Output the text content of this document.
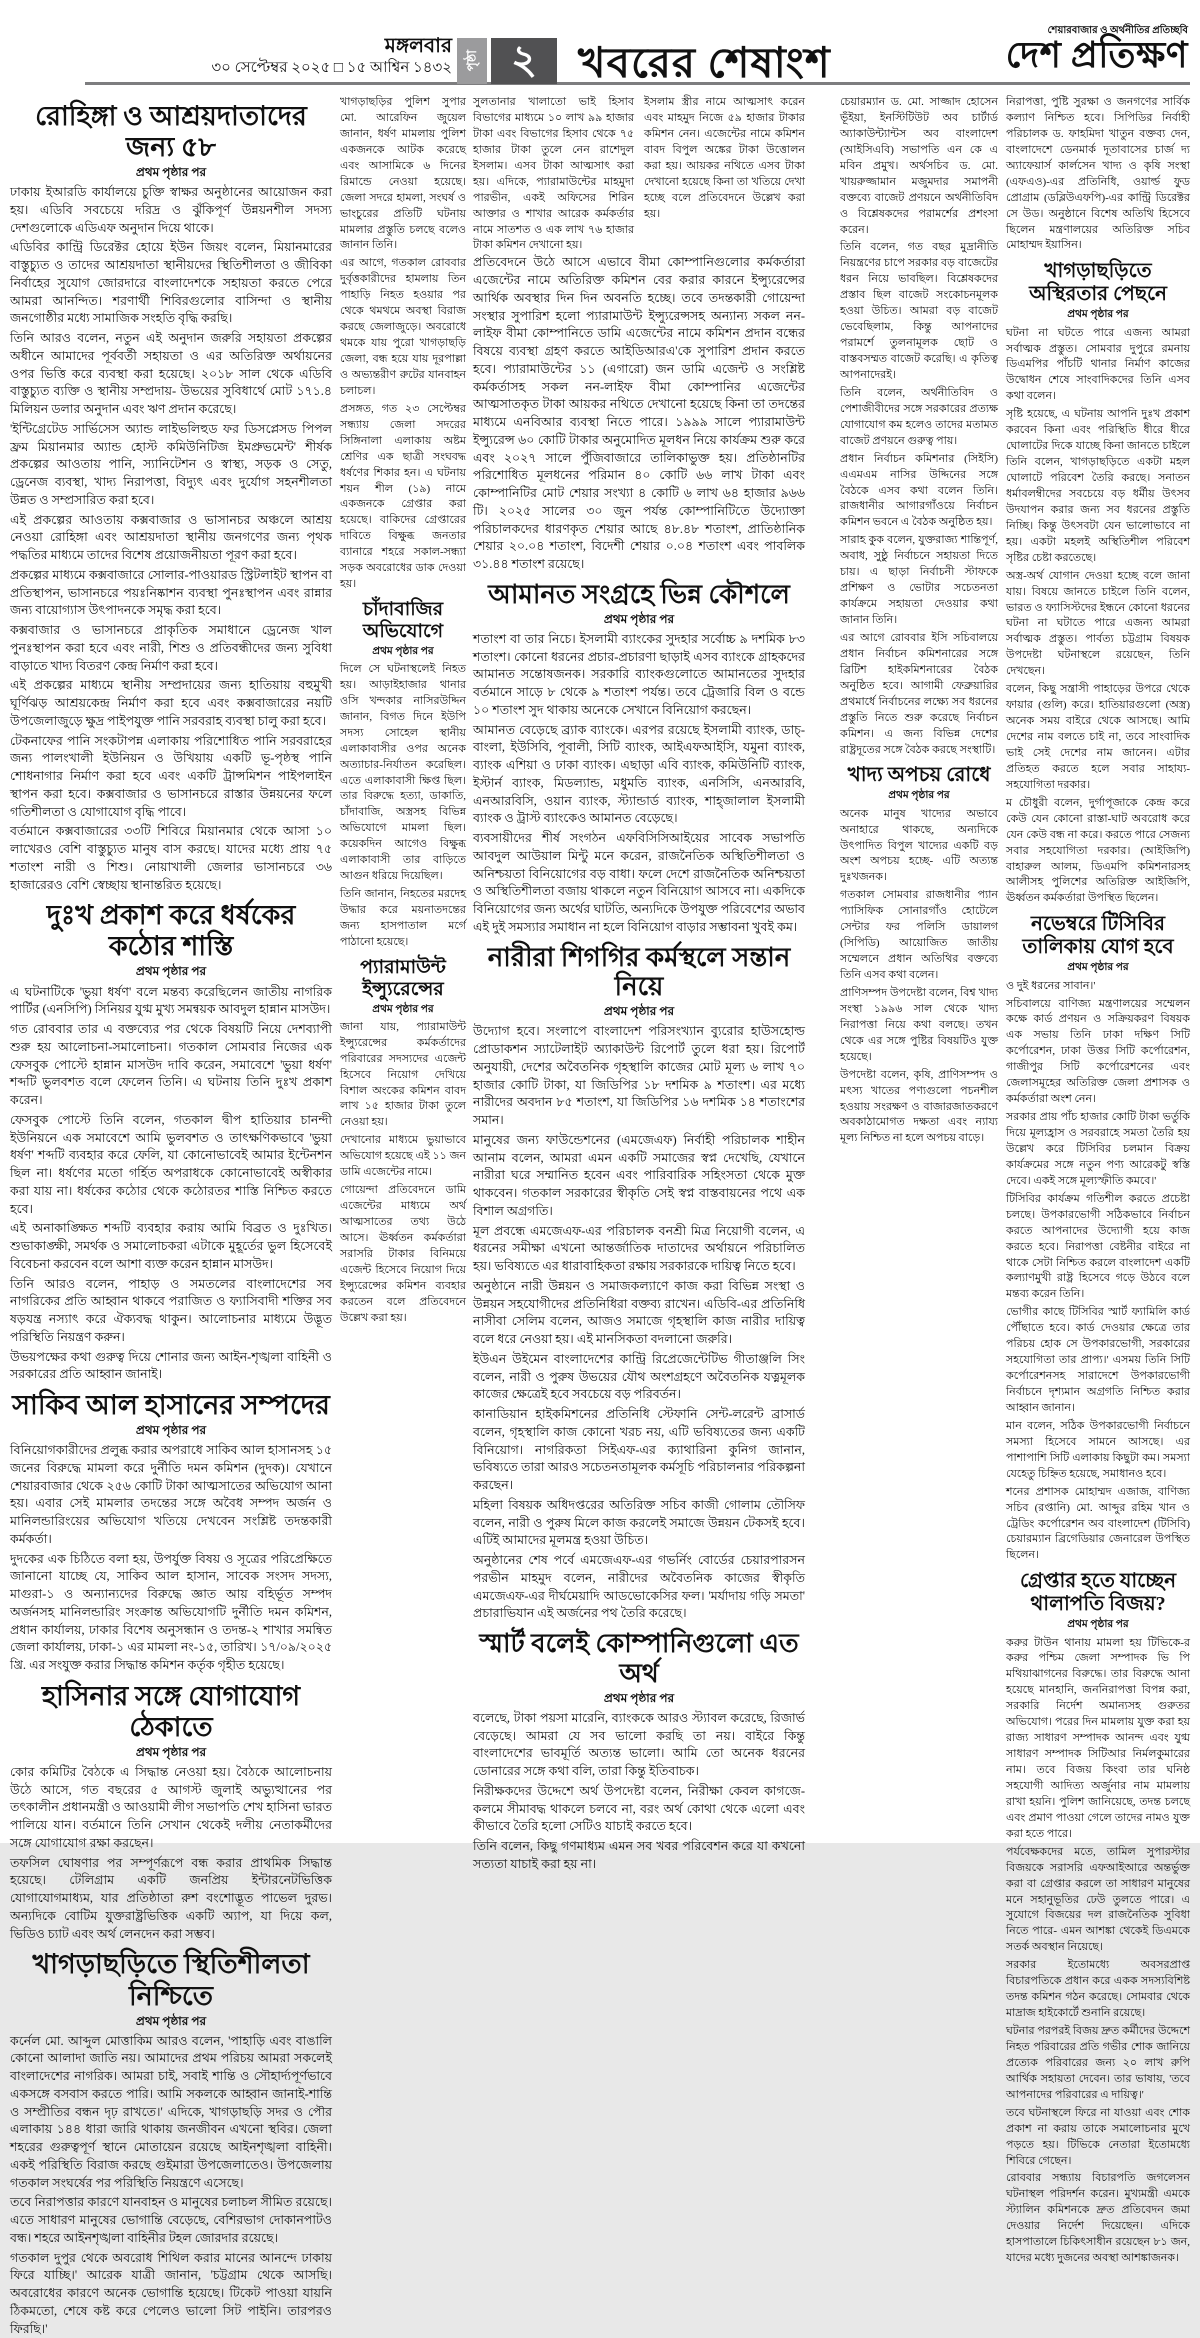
মঙ্গলবার
৩০ সেপ্টেম্বর ২০২৫ □ ১৫ আশ্বিন ১৪৩২ পৃষ্ঠা ২ খবরের শেষাংশ
শেয়ারবাজার ও অর্থনীতির প্রতিচ্ছবি
দেশ প্রতিক্ষণ
রোহিঙ্গা ও আশ্রয়দাতাদের জন্য ৫৮
প্রথম পৃষ্ঠার পর

ঢাকায় ইআরডি কার্যালয়ে চুক্তি স্বাক্ষর অনুষ্ঠানের আয়োজন করা হয়। এডিবি সবচেয়ে দরিদ্র ও ঝুঁকিপূর্ণ উন্নয়নশীল সদস্য দেশগুলোকে এডিএফ অনুদান দিয়ে থাকে।

এডিবির কান্ট্রি ডিরেক্টর হোয়ে ইউন জিয়ং বলেন, মিয়ানমারের বাস্তুচ্যুত ও তাদের আশ্রয়দাতা স্থানীয়দের স্থিতিশীলতা ও জীবিকা নির্বাহের সুযোগ জোরদারে বাংলাদেশকে সহায়তা করতে পেরে আমরা আনন্দিত। শরণার্থী শিবিরগুলোর বাসিন্দা ও স্থানীয় জনগোষ্ঠীর মধ্যে সামাজিক সংহতি বৃদ্ধি করছি।

তিনি আরও বলেন, নতুন এই অনুদান জরুরি সহায়তা প্রকল্পের অধীনে আমাদের পূর্ববর্তী সহায়তা ও এর অতিরিক্ত অর্থায়নের ওপর ভিত্তি করে ব্যবস্থা করা হয়েছে। ২০১৮ সাল থেকে এডিবি বাস্তুচ্যুত ব্যক্তি ও স্থানীয় সম্প্রদায়- উভয়ের সুবিধার্থে মোট ১৭১.৪ মিলিয়ন ডলার অনুদান এবং ঋণ প্রদান করেছে।

'ইন্টিগ্রেটেড সার্ভিসেস অ্যান্ড লাইভলিহুড ফর ডিসপ্লেসড পিপল ফ্রম মিয়ানমার অ্যান্ড হোস্ট কমিউনিটিজ ইমপ্রুভমেন্ট' শীর্ষক প্রকল্পের আওতায় পানি, স্যানিটেশন ও স্বাস্থ্য, সড়ক ও সেতু, ড্রেনেজ ব্যবস্থা, খাদ্য নিরাপত্তা, বিদ্যুৎ এবং দুর্যোগ সহনশীলতা উন্নত ও সম্প্রসারিত করা হবে।

এই প্রকল্পের আওতায় কক্সবাজার ও ভাসানচর অঞ্চলে আশ্রয় নেওয়া রোহিঙ্গা এবং আশ্রয়দাতা স্থানীয় জনগণের জন্য পৃথক পদ্ধতির মাধ্যমে তাদের বিশেষ প্রয়োজনীয়তা পূরণ করা হবে।

প্রকল্পের মাধ্যমে কক্সবাজারে সোলার-পাওয়ারড স্ট্রিটলাইট স্থাপন বা প্রতিস্থাপন, ভাসানচরে পয়ঃনিষ্কাশন ব্যবস্থা পুনঃস্থাপন এবং রান্নার জন্য বায়োগ্যাস উৎপাদনকে সমৃদ্ধ করা হবে।

কক্সবাজার ও ভাসানচরে প্রাকৃতিক সমাধানে ড্রেনেজ খাল পুনঃস্থাপন করা হবে এবং নারী, শিশু ও প্রতিবন্ধীদের জন্য সুবিধা বাড়াতে খাদ্য বিতরণ কেন্দ্র নির্মাণ করা হবে।

এই প্রকল্পের মাধ্যমে স্থানীয় সম্প্রদায়ের জন্য হাতিয়ায় বহুমুখী ঘূর্ণিঝড় আশ্রয়কেন্দ্র নির্মাণ করা হবে এবং কক্সবাজারের নয়টি উপজেলাজুড়ে ক্ষুদ্র পাইপযুক্ত পানি সরবরাহ ব্যবস্থা চালু করা হবে।

টেকনাফের পানি সংকটাপন্ন এলাকায় পরিশোধিত পানি সরবরাহের জন্য পালংখালী ইউনিয়ন ও উখিয়ায় একটি ভূ-পৃষ্ঠস্থ পানি শোধনাগার নির্মাণ করা হবে এবং একটি ট্রান্সমিশন পাইপলাইন স্থাপন করা হবে। কক্সবাজার ও ভাসানচরে রাস্তার উন্নয়নের ফলে গতিশীলতা ও যোগাযোগ বৃদ্ধি পাবে।

বর্তমানে কক্সবাজারের ৩৩টি শিবিরে মিয়ানমার থেকে আসা ১০ লাখেরও বেশি বাস্তুচ্যুত মানুষ বাস করছে। যাদের মধ্যে প্রায় ৭৫ শতাংশ নারী ও শিশু। নোয়াখালী জেলার ভাসানচরে ৩৬ হাজারেরও বেশি স্বেচ্ছায় স্থানান্তরিত হয়েছে।

দুঃখ প্রকাশ করে ধর্ষকের কঠোর শাস্তি
প্রথম পৃষ্ঠার পর

এ ঘটনাটিকে 'ভুয়া ধর্ষণ' বলে মন্তব্য করেছিলেন জাতীয় নাগরিক পার্টির (এনসিপি) সিনিয়র যুগ্ম মুখ্য সমন্বয়ক আবদুল হান্নান মাসউদ।

গত রোববার তার এ বক্তব্যের পর থেকে বিষয়টি নিয়ে দেশব্যাপী শুরু হয় আলোচনা-সমালোচনা। গতকাল সোমবার নিজের এক ফেসবুক পোস্টে হান্নান মাসউদ দাবি করেন, সমাবেশে 'ভুয়া ধর্ষণ' শব্দটি ভুলবশত বলে ফেলেন তিনি। এ ঘটনায় তিনি দুঃখ প্রকাশ করেন।

ফেসবুক পোস্টে তিনি বলেন, গতকাল দ্বীপ হাতিয়ার চানন্দী ইউনিয়নে এক সমাবেশে আমি ভুলবশত ও তাৎক্ষণিকভাবে 'ভুয়া ধর্ষণ' শব্দটি ব্যবহার করে ফেলি, যা কোনোভাবেই আমার ইন্টেনশন ছিল না। ধর্ষণের মতো গর্হিত অপরাধকে কোনোভাবেই অস্বীকার করা যায় না। ধর্ষকের কঠোর থেকে কঠোরতর শাস্তি নিশ্চিত করতে হবে।

এই অনাকাঙ্ক্ষিত শব্দটি ব্যবহার করায় আমি বিব্রত ও দুঃখিত। শুভাকাঙ্ক্ষী, সমর্থক ও সমালোচকরা এটাকে মুহূর্তের ভুল হিসেবেই বিবেচনা করবেন বলে আশা ব্যক্ত করেন হান্নান মাসউদ।

তিনি আরও বলেন, পাহাড় ও সমতলের বাংলাদেশের সব নাগরিকের প্রতি আহ্বান থাকবে পরাজিত ও ফ্যাসিবাদী শক্তির সব ষড়যন্ত্র নস্যাৎ করে ঐক্যবদ্ধ থাকুন। আলোচনার মাধ্যমে উদ্ভূত পরিস্থিতি নিয়ন্ত্রণ করুন।

উভয়পক্ষের কথা গুরুত্ব দিয়ে শোনার জন্য আইন-শৃঙ্খলা বাহিনী ও সরকারের প্রতি আহ্বান জানাই।

সাকিব আল হাসানের সম্পদের
প্রথম পৃষ্ঠার পর

বিনিয়োগকারীদের প্রলুব্ধ করার অপরাধে সাকিব আল হাসানসহ ১৫ জনের বিরুদ্ধে মামলা করে দুর্নীতি দমন কমিশন (দুদক)। যেখানে শেয়ারবাজার থেকে ২৫৬ কোটি টাকা আত্মসাতের অভিযোগ আনা হয়। এবার সেই মামলার তদন্তের সঙ্গে অবৈধ সম্পদ অর্জন ও মানিলন্ডারিংয়ের অভিযোগ খতিয়ে দেখবেন সংশ্লিষ্ট তদন্তকারী কর্মকর্তা।

দুদকের এক চিঠিতে বলা হয়, উপর্যুক্ত বিষয় ও সূত্রের পরিপ্রেক্ষিতে জানানো যাচ্ছে যে, সাকিব আল হাসান, সাবেক সংসদ সদস্য, মাগুরা-১ ও অন্যান্যদের বিরুদ্ধে জ্ঞাত আয় বহির্ভূত সম্পদ অর্জনসহ মানিলন্ডারিং সংক্রান্ত অভিযোগটি দুর্নীতি দমন কমিশন, প্রধান কার্যালয়, ঢাকার বিশেষ অনুসন্ধান ও তদন্ত-২ শাখার সমন্বিত জেলা কার্যালয়, ঢাকা-১ এর মামলা নং-১৫, তারিখ। ১৭/০৯/২০২৫ খ্রি. এর সংযুক্ত করার সিদ্ধান্ত কমিশন কর্তৃক গৃহীত হয়েছে।

হাসিনার সঙ্গে যোগাযোগ ঠেকাতে
প্রথম পৃষ্ঠার পর

কোর কমিটির বৈঠকে এ সিদ্ধান্ত নেওয়া হয়। বৈঠকে আলোচনায় উঠে আসে, গত বছরের ৫ আগস্ট জুলাই অভ্যুত্থানের পর তৎকালীন প্রধানমন্ত্রী ও আওয়ামী লীগ সভাপতি শেখ হাসিনা ভারত পালিয়ে যান। বর্তমানে তিনি সেখান থেকেই দলীয় নেতাকর্মীদের সঙ্গে যোগাযোগ রক্ষা করছেন।

তফসিল ঘোষণার পর সম্পূর্ণরূপে বন্ধ করার প্রাথমিক সিদ্ধান্ত হয়েছে। টেলিগ্রাম একটি জনপ্রিয় ইন্টারনেটভিত্তিক যোগাযোগমাধ্যম, যার প্রতিষ্ঠাতা রুশ বংশোদ্ভূত পাভেল দুরভ। অন্যদিকে বোটিম যুক্তরাষ্ট্রভিত্তিক একটি অ্যাপ, যা দিয়ে কল, ভিডিও চ্যাট এবং অর্থ লেনদেন করা সম্ভব।

খাগড়াছড়িতে স্থিতিশীলতা নিশ্চিতে
প্রথম পৃষ্ঠার পর

কর্নেল মো. আব্দুল মোত্তাকিম আরও বলেন, 'পাহাড়ি এবং বাঙালি কোনো আলাদা জাতি নয়। আমাদের প্রথম পরিচয় আমরা সকলেই বাংলাদেশের নাগরিক। আমরা চাই, সবাই শান্তি ও সৌহার্দ্যপূর্ণভাবে একসঙ্গে বসবাস করতে পারি। আমি সকলকে আহ্বান জানাই-শান্তি ও সম্প্রীতির বন্ধন দৃঢ় রাখতে।' এদিকে, খাগড়াছড়ি সদর ও পৌর এলাকায় ১৪৪ ধারা জারি থাকায় জনজীবন এখনো স্থবির। জেলা শহরের গুরুত্বপূর্ণ স্থানে মোতায়েন রয়েছে আইনশৃঙ্খলা বাহিনী। একই পরিস্থিতি বিরাজ করছে গুইমারা উপজেলাতেও। উপজেলায় গতকাল সংঘর্ষের পর পরিস্থিতি নিয়ন্ত্রণে এসেছে।

তবে নিরাপত্তার কারণে যানবাহন ও মানুষের চলাচল সীমিত রয়েছে। এতে সাধারণ মানুষের ভোগান্তি বেড়েছে, বেশিরভাগ দোকানপাটও বন্ধ। শহরে আইনশৃঙ্খলা বাহিনীর টহল জোরদার রয়েছে।

গতকাল দুপুর থেকে অবরোধ শিথিল করার মানের আনন্দে ঢাকায় ফিরে যাচ্ছি।' আরেক যাত্রী জানান, 'চট্টগ্রাম থেকে আসছি। অবরোধের কারণে অনেক ভোগান্তি হয়েছে। টিকেট পাওয়া যায়নি ঠিকমতো, শেষে কষ্ট করে পেলেও ভালো সিট পাইনি। তারপরও ফিরছি।'

খাগড়াছড়ির পুলিশ সুপার মো. আরেফিন জুয়েল জানান, ধর্ষণ মামলায় পুলিশ একজনকে আটক করেছে এবং আসামিকে ৬ দিনের রিমান্ডে নেওয়া হয়েছে। জেলা সদরে হামলা, সংঘর্ষ ও ভাংচুরের প্রতিটি ঘটনায় মামলার প্রস্তুতি চলছে বলেও জানান তিনি।

এর আগে, গতকাল রোববার দুর্বৃত্তকারীদের হামলায় তিন পাহাড়ি নিহত হওয়ার পর থেকে থমথমে অবস্থা বিরাজ করছে জেলাজুড়ে। অবরোধে থমকে যায় পুরো খাগড়াছড়ি জেলা, বন্ধ হয়ে যায় দূরপাল্লা ও অভ্যন্তরীণ রুটের যানবাহন চলাচল।

প্রসঙ্গত, গত ২৩ সেপ্টেম্বর সন্ধ্যায় জেলা সদরের সিঙ্গিনালা এলাকায় অষ্টম শ্রেণির এক ছাত্রী সংঘবদ্ধ ধর্ষণের শিকার হন। এ ঘটনায় শয়ন শীল (১৯) নামে একজনকে গ্রেপ্তার করা হয়েছে। বাকিদের গ্রেপ্তারের দাবিতে বিক্ষুব্ধ জনতার ব্যানারে শহরে সকাল-সন্ধ্যা সড়ক অবরোধের ডাক দেওয়া হয়।

চাঁদাবাজির অভিযোগে
প্রথম পৃষ্ঠার পর

দিলে সে ঘটনাস্থলেই নিহত হয়। আড়াইহাজার থানার ওসি খন্দকার নাসিরউদ্দিন জানান, বিগত দিনে ইউপি সদস্য সোহেল স্থানীয় এলাকাবাসীর ওপর অনেক অত্যাচার-নির্যাতন করেছিল। এতে এলাকাবাসী ক্ষিপ্ত ছিল। তার বিরুদ্ধে হত্যা, ডাকাতি, চাঁদাবাজি, অস্ত্রসহ বিভিন্ন অভিযোগে মামলা ছিল। কয়েকদিন আগেও বিক্ষুব্ধ এলাকাবাসী তার বাড়িতে আগুন ধরিয়ে দিয়েছিল।

তিনি জানান, নিহতের মরদেহ উদ্ধার করে ময়নাতদন্তের জন্য হাসপাতাল মর্গে পাঠানো হয়েছে।

প্যারামাউন্ট ইন্স্যুরেন্সের
প্রথম পৃষ্ঠার পর

জানা যায়, প্যারামাউন্ট ইন্স্যুরেন্সের কর্মকর্তাদের পরিবারের সদস্যদের এজেন্ট হিসেবে নিয়োগ দেখিয়ে বিশাল অংকের কমিশন বাবদ লাখ ১৫ হাজার টাকা তুলে নেওয়া হয়।

দেখানোর মাধ্যমে ভুয়াভাবে অভিযোগ হয়েছে এই ১১ জন ডামি এজেন্টের নামে।

গোয়েন্দা প্রতিবেদনে ডামি এজেন্টের মাধ্যমে অর্থ আত্মসাতের তথ্য উঠে আসে। ঊর্ধ্বতন কর্মকর্তারা সরাসরি টাকার বিনিময়ে এজেন্ট হিসেবে নিয়োগ দিয়ে ইন্স্যুরেন্সের কমিশন ব্যবহার করতেন বলে প্রতিবেদনে উল্লেখ করা হয়।

সুলতানার খালাতো ভাই হিসাব বিভাগের মাধ্যমে ১০ লাখ ৯৯ হাজার টাকা এবং বিভাগের হিসাব থেকে ৭৫ হাজার টাকা তুলে নেন রাশেদুল ইসলাম। এসব টাকা আত্মসাৎ করা হয়। এদিকে, প্যারামাউন্টের মাহমুদা পারভীন, একই অফিসের শিরিন আক্তার ও শাখার আরেক কর্মকর্তার নামে সাতশত ও এক লাখ ৭৬ হাজার টাকা কমিশন দেখানো হয়।
ইসলাম স্ত্রীর নামে আত্মসাৎ করেন এবং মাহমুদ নিজে ৫৯ হাজার টাকার কমিশন নেন। এজেন্টের নামে কমিশন বাবদ বিপুল অঙ্কের টাকা উত্তোলন করা হয়। আয়কর নথিতে এসব টাকা দেখানো হয়েছে কিনা তা খতিয়ে দেখা হচ্ছে বলে প্রতিবেদনে উল্লেখ করা হয়।

প্রতিবেদনে উঠে আসে এভাবে বীমা কোম্পানিগুলোর কর্মকর্তারা এজেন্টের নামে অতিরিক্ত কমিশন বের করার কারনে ইন্স্যুরেন্সের আর্থিক অবস্থার দিন দিন অবনতি হচ্ছে। তবে তদন্তকারী গোয়েন্দা সংস্থার সুপারিশ হলো প্যারামাউন্ট ইন্স্যুরেন্সসহ অন্যান্য সকল নন-লাইফ বীমা কোম্পানিতে ডামি এজেন্টের নামে কমিশন প্রদান বন্ধের বিষয়ে ব্যবস্থা গ্রহণ করতে আইডিআরএ'কে সুপারিশ প্রদান করতে হবে। প্যারামাউন্টের ১১ (এগারো) জন ডামি এজেন্ট ও সংশ্লিষ্ট কর্মকর্তাসহ সকল নন-লাইফ বীমা কোম্পানির এজেন্টের আত্মসাতকৃত টাকা আয়কর নথিতে দেখানো হয়েছে কিনা তা তদন্তের মাধ্যমে এনবিআর ব্যবস্থা নিতে পারে। ১৯৯৯ সালে প্যারামাউন্ট ইন্স্যুরেন্স ৬০ কোটি টাকার অনুমোদিত মূলধন নিয়ে কার্যক্রম শুরু করে এবং ২০২৭ সালে পুঁজিবাজারে তালিকাভুক্ত হয়। প্রতিষ্ঠানটির পরিশোধিত মূলধনের পরিমান ৪০ কোটি ৬৬ লাখ টাকা এবং কোম্পানিটির মোট শেয়ার সংখ্যা ৪ কোটি ৬ লাখ ৬৪ হাজার ৯৬৬ টি। ২০২৫ সালের ৩০ জুন পর্যন্ত কোম্পানিটিতে উদ্যোক্তা পরিচালকদের ধারণকৃত শেয়ার আছে ৪৮.৪৮ শতাংশ, প্রাতিষ্ঠানিক শেয়ার ২০.০৪ শতাংশ, বিদেশী শেয়ার ০.০৪ শতাংশ এবং পাবলিক ৩১.৪৪ শতাংশ রয়েছে।

আমানত সংগ্রহে ভিন্ন কৌশলে
প্রথম পৃষ্ঠার পর

শতাংশ বা তার নিচে। ইসলামী ব্যাংকের সুদহার সর্বোচ্চ ৯ দশমিক ৮৩ শতাংশ। কোনো ধরনের প্রচার-প্রচারণা ছাড়াই এসব ব্যাংকে গ্রাহকদের আমানত সন্তোষজনক। সরকারি ব্যাংকগুলোতে আমানতের সুদহার বর্তমানে সাড়ে ৮ থেকে ৯ শতাংশ পর্যন্ত। তবে ট্রেজারি বিল ও বন্ডে ১০ শতাংশ সুদ থাকায় অনেকে সেখানে বিনিয়োগ করছেন।

আমানত বেড়েছে ব্র্যাক ব্যাংকে। এরপর রয়েছে ইসলামী ব্যাংক, ডাচ্-বাংলা, ইউসিবি, পূবালী, সিটি ব্যাংক, আইএফআইসি, যমুনা ব্যাংক, ব্যাংক এশিয়া ও ঢাকা ব্যাংক। এছাড়া এবি ব্যাংক, কমিউনিটি ব্যাংক, ইস্টার্ন ব্যাংক, মিডল্যান্ড, মধুমতি ব্যাংক, এনসিসি, এনআরবি, এনআরবিসি, ওয়ান ব্যাংক, স্ট্যান্ডার্ড ব্যাংক, শাহ্‌জালাল ইসলামী ব্যাংক ও ট্রাস্ট ব্যাংকেও আমানত বেড়েছে।

ব্যবসায়ীদের শীর্ষ সংগঠন এফবিসিসিআইয়ের সাবেক সভাপতি আবদুল আউয়াল মিন্টু মনে করেন, রাজনৈতিক অস্থিতিশীলতা ও অনিশ্চয়তা বিনিয়োগের বড় বাধা। ফলে দেশে রাজনৈতিক অনিশ্চয়তা ও অস্থিতিশীলতা বজায় থাকলে নতুন বিনিয়োগ আসবে না। একদিকে বিনিয়োগের জন্য অর্থের ঘাটতি, অন্যদিকে উপযুক্ত পরিবেশের অভাব এই দুই সমস্যার সমাধান না হলে বিনিয়োগ বাড়ার সম্ভাবনা খুবই কম।

নারীরা শিগগির কর্মস্থলে সন্তান নিয়ে
প্রথম পৃষ্ঠার পর

উদ্যোগ হবে। সংলাপে বাংলাদেশ পরিসংখ্যান ব্যুরোর হাউসহোল্ড প্রোডাকশন স্যাটেলাইট অ্যাকাউন্ট রিপোর্ট তুলে ধরা হয়। রিপোর্ট অনুযায়ী, দেশের অবৈতনিক গৃহস্থালি কাজের মোট মূল্য ৬ লাখ ৭০ হাজার কোটি টাকা, যা জিডিপির ১৮ দশমিক ৯ শতাংশ। এর মধ্যে নারীদের অবদান ৮৫ শতাংশ, যা জিডিপির ১৬ দশমিক ১৪ শতাংশের সমান।

মানুষের জন্য ফাউন্ডেশনের (এমজেএফ) নির্বাহী পরিচালক শাহীন আনাম বলেন, আমরা এমন একটি সমাজের স্বপ্ন দেখেছি, যেখানে নারীরা ঘরে সম্মানিত হবেন এবং পারিবারিক সহিংসতা থেকে মুক্ত থাকবেন। গতকাল সরকারের স্বীকৃতি সেই স্বপ্ন বাস্তবায়নের পথে এক বিশাল অগ্রগতি।

মূল প্রবন্ধে এমজেএফ-এর পরিচালক বনশ্রী মিত্র নিয়োগী বলেন, এ ধরনের সমীক্ষা এখনো আন্তর্জাতিক দাতাদের অর্থায়নে পরিচালিত হয়। ভবিষ্যতে এর ধারাবাহিকতা রক্ষায় সরকারকে দায়িত্ব নিতে হবে।

অনুষ্ঠানে নারী উন্নয়ন ও সমাজকল্যাণে কাজ করা বিভিন্ন সংস্থা ও উন্নয়ন সহযোগীদের প্রতিনিধিরা বক্তব্য রাখেন। এডিবি-এর প্রতিনিধি নাসীবা সেলিম বলেন, আজও সমাজে গৃহস্থালি কাজ নারীর দায়িত্ব বলে ধরে নেওয়া হয়। এই মানসিকতা বদলানো জরুরি।

ইউএন উইমেন বাংলাদেশের কান্ট্রি রিপ্রেজেন্টেটিভ গীতাঞ্জলি সিং বলেন, নারী ও পুরুষ উভয়ের যৌথ অংশগ্রহণে অবৈতনিক যত্নমূলক কাজের ক্ষেত্রেই হবে সবচেয়ে বড় পরিবর্তন।

কানাডিয়ান হাইকমিশনের প্রতিনিধি স্টেফানি সেন্ট-লরেন্ট ব্রাসার্ড বলেন, গৃহস্থালি কাজ কোনো খরচ নয়, এটি ভবিষ্যতের জন্য একটি বিনিয়োগ। নাগরিকতা সিইএফ-এর ক্যাথারিনা কুনিগ জানান, ভবিষ্যতে তারা আরও সচেতনতামূলক কর্মসূচি পরিচালনার পরিকল্পনা করছেন।

মহিলা বিষয়ক অধিদপ্তরের অতিরিক্ত সচিব কাজী গোলাম তৌসিফ বলেন, নারী ও পুরুষ মিলে কাজ করলেই সমাজে উন্নয়ন টেকসই হবে। এটিই আমাদের মূলমন্ত্র হওয়া উচিত।

অনুষ্ঠানের শেষ পর্বে এমজেএফ-এর গভর্নিং বোর্ডের চেয়ারপারসন পরভীন মাহমুদ বলেন, নারীদের অবৈতনিক কাজের স্বীকৃতি এমজেএফ-এর দীর্ঘমেয়াদি আডভোকেসির ফল। 'মর্যাদায় গড়ি সমতা' প্রচারাভিযান এই অর্জনের পথ তৈরি করেছে।

স্মার্ট বলেই কোম্পানিগুলো এত অর্থ
প্রথম পৃষ্ঠার পর

বলেছে, টাকা পয়সা মারেনি, ব্যাংককে আরও স্ট্যাবল করেছে, রিজার্ভ বেড়েছে। আমরা যে সব ভালো করছি তা নয়। বাইরে কিন্তু বাংলাদেশের ভাবমূর্তি অত্যন্ত ভালো। আমি তো অনেক ধরনের ডোনারের সঙ্গে কথা বলি, তারা কিন্তু ইতিবাচক।

নিরীক্ষকদের উদ্দেশে অর্থ উপদেষ্টা বলেন, নিরীক্ষা কেবল কাগজে-কলমে সীমাবদ্ধ থাকলে চলবে না, বরং অর্থ কোথা থেকে এলো এবং কীভাবে তৈরি হলো সেটিও যাচাই করতে হবে।

তিনি বলেন, কিছু গণমাধ্যম এমন সব খবর পরিবেশন করে যা কখনো সত্যতা যাচাই করা হয় না।

চেয়ারম্যান ড. মো. সাজ্জাদ হোসেন ভূঁইয়া, ইনস্টিটিউট অব চার্টার্ড অ্যাকাউন্ট্যান্টস অব বাংলাদেশ (আইসিএবি) সভাপতি এন কে এ মবিন প্রমুখ। অর্থসচিব ড. মো. খায়রুজ্জামান মজুমদার সমাপনী বক্তব্যে বাজেট প্রণয়নে অর্থনীতিবিদ ও বিশ্লেষকদের পরামর্শের প্রশংসা করেন।

তিনি বলেন, গত বছর মুদ্রানীতি নিয়ন্ত্রণের চাপে সরকার বড় বাজেটের ধরন নিয়ে ভাবছিল। বিশ্লেষকদের প্রস্তাব ছিল বাজেট সংকোচনমূলক হওয়া উচিত। আমরা বড় বাজেট ভেবেছিলাম, কিন্তু আপনাদের পরামর্শে তুলনামূলক ছোট ও বাস্তবসম্মত বাজেট করেছি। এ কৃতিত্ব আপনাদেরই।

তিনি বলেন, অর্থনীতিবিদ ও পেশাজীবীদের সঙ্গে সরকারের প্রত্যক্ষ যোগাযোগ কম হলেও তাদের মতামত বাজেট প্রণয়নে গুরুত্ব পায়।

প্রধান নির্বাচন কমিশনার (সিইসি) এএমএম নাসির উদ্দিনের সঙ্গে বৈঠকে এসব কথা বলেন তিনি। রাজধানীর আগারগাঁওয়ে নির্বাচন কমিশন ভবনে এ বৈঠক অনুষ্ঠিত হয়।

সারাহ কুক বলেন, যুক্তরাজ্য শান্তিপূর্ণ, অবাধ, সুষ্ঠু নির্বাচনে সহায়তা দিতে চায়। এ ছাড়া নির্বাচনী স্টাফকে প্রশিক্ষণ ও ভোটার সচেতনতা কার্যক্রমে সহায়তা দেওয়ার কথা জানান তিনি।

এর আগে রোববার ইসি সচিবালয়ে প্রধান নির্বাচন কমিশনারের সঙ্গে ব্রিটিশ হাইকমিশনারের বৈঠক অনুষ্ঠিত হবে। আগামী ফেব্রুয়ারির প্রথমার্ধে নির্বাচনের লক্ষ্যে সব ধরনের প্রস্তুতি নিতে শুরু করেছে নির্বাচন কমিশন। এ জন্য বিভিন্ন দেশের রাষ্ট্রদূতের সঙ্গে বৈঠক করছে সংস্থাটি।

খাদ্য অপচয় রোধে
প্রথম পৃষ্ঠার পর

অনেক মানুষ খাদ্যের অভাবে অনাহারে থাকছে, অন্যদিকে উৎপাদিত বিপুল খাদ্যের একটি বড় অংশ অপচয় হচ্ছে- এটি অত্যন্ত দুঃখজনক।

গতকাল সোমবার রাজধানীর প্যান প্যাসিফিক সোনারগাঁও হোটেলে সেন্টার ফর পলিসি ডায়ালগ (সিপিডি) আয়োজিত জাতীয় সম্মেলনে প্রধান অতিথির বক্তব্যে তিনি এসব কথা বলেন।

প্রাণিসম্পদ উপদেষ্টা বলেন, বিশ্ব খাদ্য সংস্থা ১৯৯৬ সাল থেকে খাদ্য নিরাপত্তা নিয়ে কথা বলছে। তখন থেকে এর সঙ্গে পুষ্টির বিষয়টিও যুক্ত হয়েছে।

উপদেষ্টা বলেন, কৃষি, প্রাণিসম্পদ ও মৎস্য খাতের পণ্যগুলো পচনশীল হওয়ায় সংরক্ষণ ও বাজারজাতকরণে অবকাঠামোগত দক্ষতা এবং ন্যায্য মূল্য নিশ্চিত না হলে অপচয় বাড়ে।

নিরাপত্তা, পুষ্টি সুরক্ষা ও জনগণের সার্বিক কল্যাণ নিশ্চিত হবে। সিপিডির নির্বাহী পরিচালক ড. ফাহমিদা খাতুন বক্তব্য দেন, বাংলাদেশে ডেনমার্ক দূতাবাসের চার্জ দ্য অ্যাফেয়ার্স কার্লসেন খাদ্য ও কৃষি সংস্থা (এফএও)-এর প্রতিনিধি, ওয়ার্ল্ড ফুড প্রোগ্রাম (ডব্লিউএফপি)-এর কান্ট্রি ডিরেক্টর সে উড। অনুষ্ঠানে বিশেষ অতিথি হিসেবে ছিলেন মন্ত্রণালয়ের অতিরিক্ত সচিব মোহাম্মদ ইয়াসিন।

খাগড়াছড়িতে অস্থিরতার পেছনে
প্রথম পৃষ্ঠার পর

ঘটনা না ঘটতে পারে এজন্য আমরা সর্বাত্মক প্রস্তুত। সোমবার দুপুরে রমনায় ডিএমপির পাঁচটি থানার নির্মাণ কাজের উদ্বোধন শেষে সাংবাদিকদের তিনি এসব কথা বলেন।

সৃষ্টি হয়েছে, এ ঘটনায় আপনি দুঃখ প্রকাশ করবেন কিনা এবং পরিস্থিতি ধীরে ধীরে ঘোলাটের দিকে যাচ্ছে কিনা জানতে চাইলে তিনি বলেন, খাগড়াছড়িতে একটা মহল ঘোলাটে পরিবেশ তৈরি করছে। সনাতন ধর্মাবলম্বীদের সবচেয়ে বড় ধর্মীয় উৎসব উদযাপন করার জন্য সব ধরনের প্রস্তুতি নিচ্ছি। কিন্তু উৎসবটা যেন ভালোভাবে না হয়। একটা মহলই অস্থিতিশীল পরিবেশ সৃষ্টির চেষ্টা করতেছে।

অস্ত্র-অর্থ যোগান দেওয়া হচ্ছে বলে জানা যায়। বিষয়ে জানতে চাইলে তিনি বলেন, ভারত ও ফ্যাসিস্টদের ইন্ধনে কোনো ধরনের ঘটনা না ঘটাতে পারে এজন্য আমরা সর্বাত্মক প্রস্তুত। পার্বত্য চট্টগ্রাম বিষয়ক উপদেষ্টা ঘটনাস্থলে রয়েছেন, তিনি দেখছেন।

বলেন, কিছু সন্ত্রাসী পাহাড়ের উপরে থেকে ফায়ার (গুলি) করে। হাতিয়ারগুলো (অস্ত্র) অনেক সময় বাইরে থেকে আসছে। আমি দেশের নাম বলতে চাই না, তবে সাংবাদিক ভাই সেই দেশের নাম জানেন। এটার প্রতিহত করতে হলে সবার সাহায্য-সহযোগিতা দরকার।

ম চৌধুরী বলেন, দুর্গাপূজাকে কেন্দ্র করে কেউ যেন কোনো রাস্তা-ঘাট অবরোধ করে যেন কেউ বন্ধ না করে। করতে পারে সেজন্য সবার সহযোগিতা দরকার। (আইজিপি) বাহারুল আলম, ডিএমপি কমিশনারসহ আলীসহ পুলিশের অতিরিক্ত আইজিপি, ঊর্ধ্বতন কর্মকর্তারা উপস্থিত ছিলেন।

নভেম্বরে টিসিবির তালিকায় যোগ হবে
প্রথম পৃষ্ঠার পর

ও দুই ধরনের সাবান।'

সচিবালয়ে বাণিজ্য মন্ত্রণালয়ের সম্মেলন কক্ষে কার্ড প্রণয়ন ও সক্রিয়করণ বিষয়ক এক সভায় তিনি ঢাকা দক্ষিণ সিটি কর্পোরেশন, ঢাকা উত্তর সিটি কর্পোরেশন, গাজীপুর সিটি কর্পোরেশনের এবং জেলাসমূহের অতিরিক্ত জেলা প্রশাসক ও কর্মকর্তারা অংশ নেন।

সরকার প্রায় পাঁচ হাজার কোটি টাকা ভর্তুকি দিয়ে মূল্যহ্রাস ও সরবরাহে সমতা তৈরি হয় উল্লেখ করে টিসিবির চলমান বিক্রয় কার্যক্রমের সঙ্গে নতুন পণ্য আরেকটু স্বস্তি দেবে। একই সঙ্গে মূল্যস্ফীতি কমবে।'

টিসিবির কার্যক্রম গতিশীল করতে প্রচেষ্টা চলছে। উপকারভোগী সঠিকভাবে নির্বাচন করতে আপনাদের উদ্যোগী হয়ে কাজ করতে হবে। নিরাপত্তা বেষ্টনীর বাইরে না থাকে সেটা নিশ্চিত করলে বাংলাদেশ একটি কল্যাণমুখী রাষ্ট্র হিসেবে গড়ে উঠবে বলে মন্তব্য করেন তিনি।

ভোগীর কাছে টিসিবির স্মার্ট ফ্যামিলি কার্ড পৌঁছাতে হবে। কার্ড দেওয়ার ক্ষেত্রে তার পরিচয় হোক সে উপকারভোগী, সরকারের সহযোগিতা তার প্রাপ্য।' এসময় তিনি সিটি কর্পোরেশনসহ সারাদেশে উপকারভোগী নির্বাচনে দৃশ্যমান অগ্রগতি নিশ্চিত করার আহ্বান জানান।

মান বলেন, সঠিক উপকারভোগী নির্বাচনে সমস্যা হিসেবে সামনে আসছে। এর পাশাপাশি সিটি এলাকায় কিছুটা কম। সমস্যা যেহেতু চিহ্নিত হয়েছে, সমাধানও হবে।

শনের প্রশাসক মোহাম্মদ এজাজ, বাণিজ্য সচিব (রপ্তানি) মো. আব্দুর রহিম খান ও ট্রেডিং কর্পোরেশন অব বাংলাদেশ (টিসিবি) চেয়ারম্যান ব্রিগেডিয়ার জেনারেল উপস্থিত ছিলেন।

গ্রেপ্তার হতে যাচ্ছেন থালাপতি বিজয়?
প্রথম পৃষ্ঠার পর

করুর টাউন থানায় মামলা হয় টিভিকে-র করুর পশ্চিম জেলা সম্পাদক ভি পি মথিয়াঝাগনের বিরুদ্ধে। তার বিরুদ্ধে আনা হয়েছে মানহানি, জননিরাপত্তা বিপন্ন করা, সরকারি নির্দেশ অমান্যসহ গুরুতর অভিযোগ। পরের দিন মামলায় যুক্ত করা হয় রাজ্য সাধারণ সম্পাদক আনন্দ এবং যুগ্ম সাধারণ সম্পাদক সিটিআর নির্মলকুমারের নাম। তবে বিজয় কিংবা তার ঘনিষ্ঠ সহযোগী আদিত্য অর্জুনার নাম মামলায় রাখা হয়নি। পুলিশ জানিয়েছে, তদন্ত চলছে এবং প্রমাণ পাওয়া গেলে তাদের নামও যুক্ত করা হতে পারে।

পর্যবেক্ষকদের মতে, তামিল সুপারস্টার বিজয়কে সরাসরি এফআইআরে অন্তর্ভুক্ত করা বা গ্রেপ্তার করলে তা সাধারণ মানুষের মনে সহানুভূতির ঢেউ তুলতে পারে। এ সুযোগে বিজয়ের দল রাজনৈতিক সুবিধা নিতে পারে- এমন আশঙ্কা থেকেই ডিএমকে সতর্ক অবস্থান নিয়েছে।

সরকার ইতোমধ্যে অবসরপ্রাপ্ত বিচারপতিকে প্রধান করে একক সদস্যবিশিষ্ট তদন্ত কমিশন গঠন করেছে। সোমবার থেকে মাদ্রাজ হাইকোর্টে শুনানি রয়েছে।

ঘটনার পরপরই বিজয় দ্রুত কর্মীদের উদ্দেশে নিহত পরিবারের প্রতি গভীর শোক জানিয়ে প্রত্যেক পরিবারের জন্য ২০ লাখ রুপি আর্থিক সহায়তা দেবেন। তার ভাষায়, 'তবে আপনাদের পরিবারের এ দায়িত্ব।'

তবে ঘটনাস্থলে ফিরে না যাওয়া এবং শোক প্রকাশ না করায় তাকে সমালোচনার মুখে পড়তে হয়। টিভিকে নেতারা ইতোমধ্যে শিবিরে গেছেন।

রোববার সন্ধ্যায় বিচারপতি জগলেসন ঘটনাস্থল পরিদর্শন করেন। মুখ্যমন্ত্রী এমকে স্ট্যালিন কমিশনকে দ্রুত প্রতিবেদন জমা দেওয়ার নির্দেশ দিয়েছেন। এদিকে হাসপাতালে চিকিৎসাধীন রয়েছেন ৮১ জন, যাদের মধ্যে দুজনের অবস্থা আশঙ্কাজনক।
